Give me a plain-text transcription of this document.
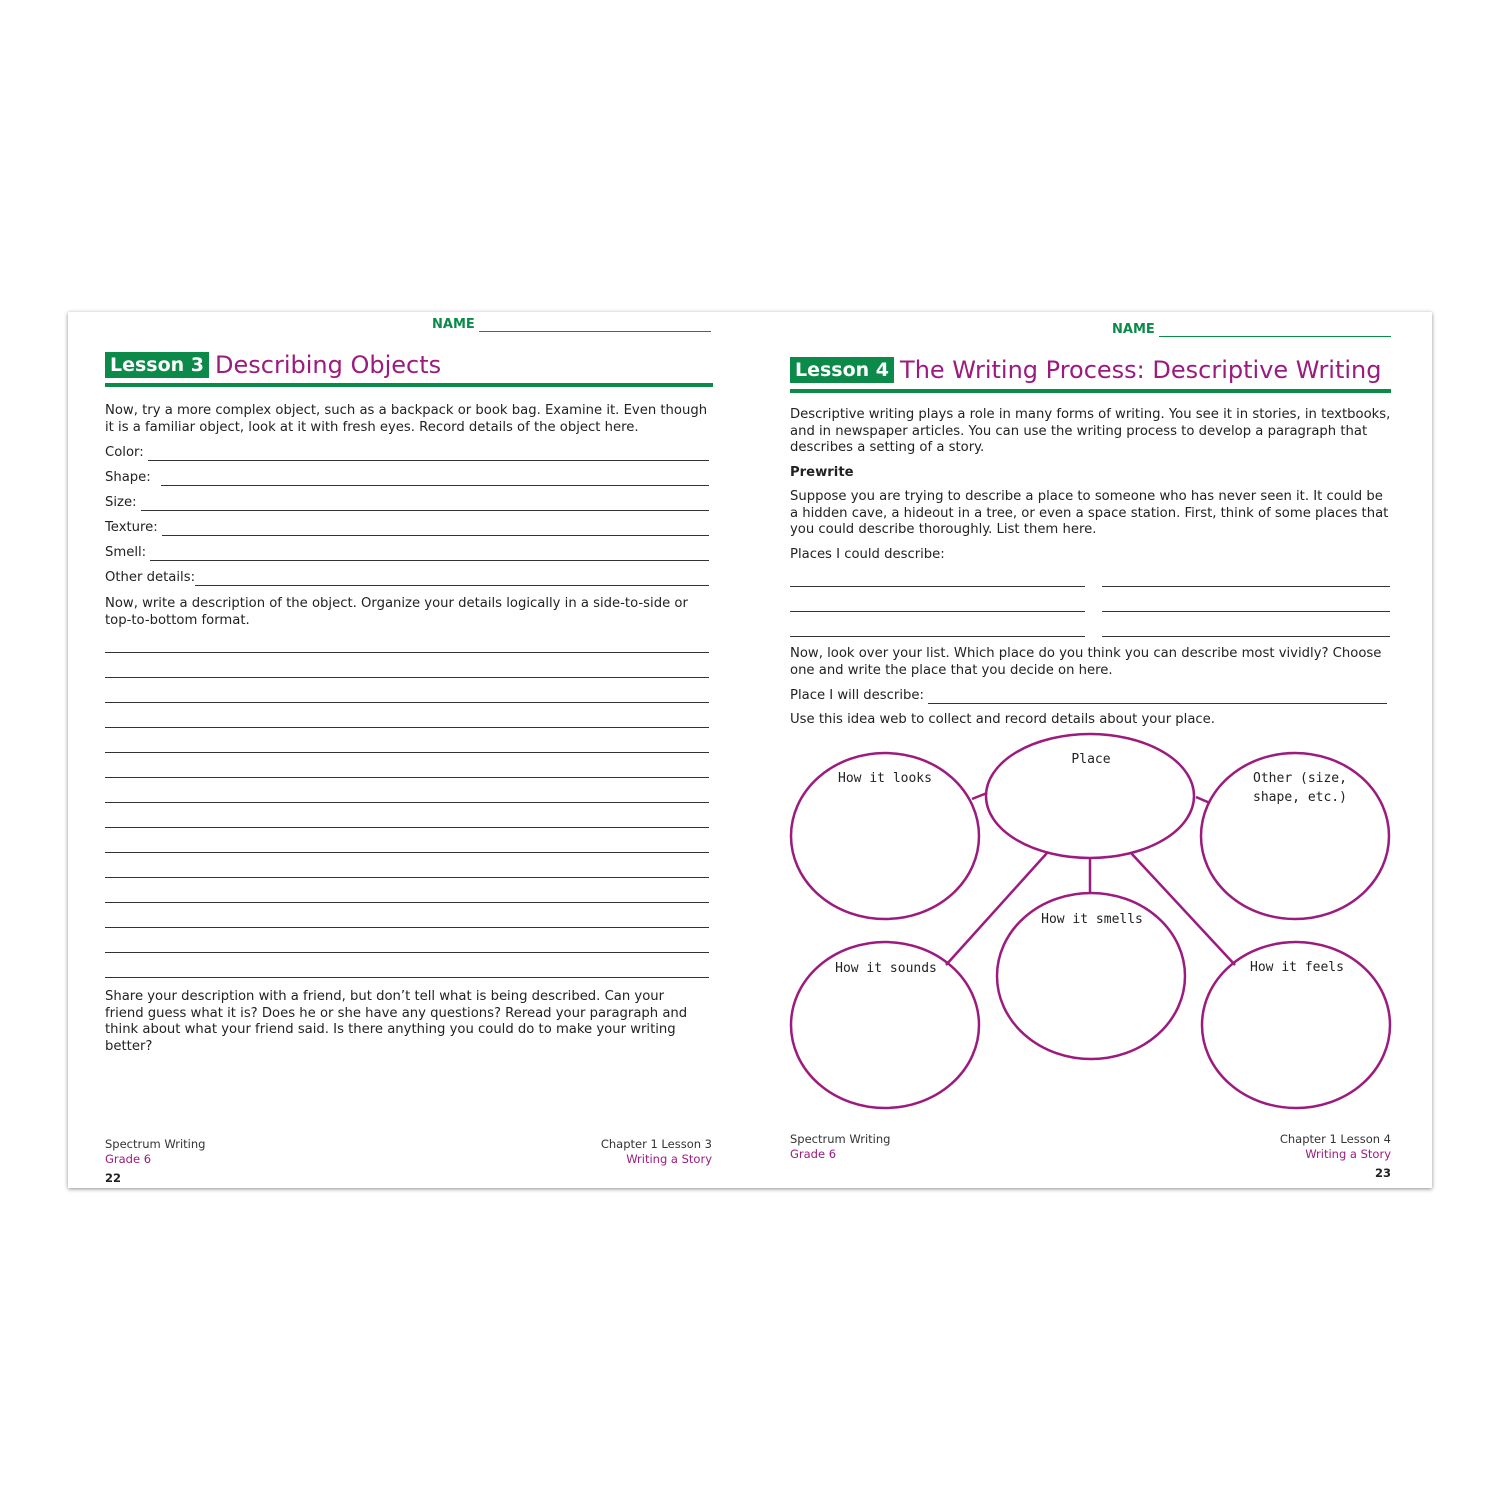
NAME
Lesson 3 Describing Objects
Now, try a more complex object, such as a backpack or book bag. Examine it. Even though it is a familiar object, look at it with fresh eyes. Record details of the object here.
Color:
Shape:
Size:
Texture:
Smell:
Other details:
Now, write a description of the object. Organize your details logically in a side-to-side or top-to-bottom format.
Share your description with a friend, but don’t tell what is being described. Can your friend guess what it is? Does he or she have any questions? Reread your paragraph and think about what your friend said. Is there anything you could do to make your writing better?
Spectrum Writing
Grade 6
Chapter 1 Lesson 3
Writing a Story
22
NAME
Lesson 4 The Writing Process: Descriptive Writing
Descriptive writing plays a role in many forms of writing. You see it in stories, in textbooks, and in newspaper articles. You can use the writing process to develop a paragraph that describes a setting of a story.
Prewrite
Suppose you are trying to describe a place to someone who has never seen it. It could be a hidden cave, a hideout in a tree, or even a space station. First, think of some places that you could describe thoroughly. List them here.
Places I could describe:
Now, look over your list. Which place do you think you can describe most vividly? Choose one and write the place that you decide on here.
Place I will describe:
Use this idea web to collect and record details about your place.
Place
How it looks	Other (size,
shape, etc.)
How it smells
How it sounds	How it feels
Spectrum Writing
Grade 6
Chapter 1 Lesson 4
Writing a Story
23
